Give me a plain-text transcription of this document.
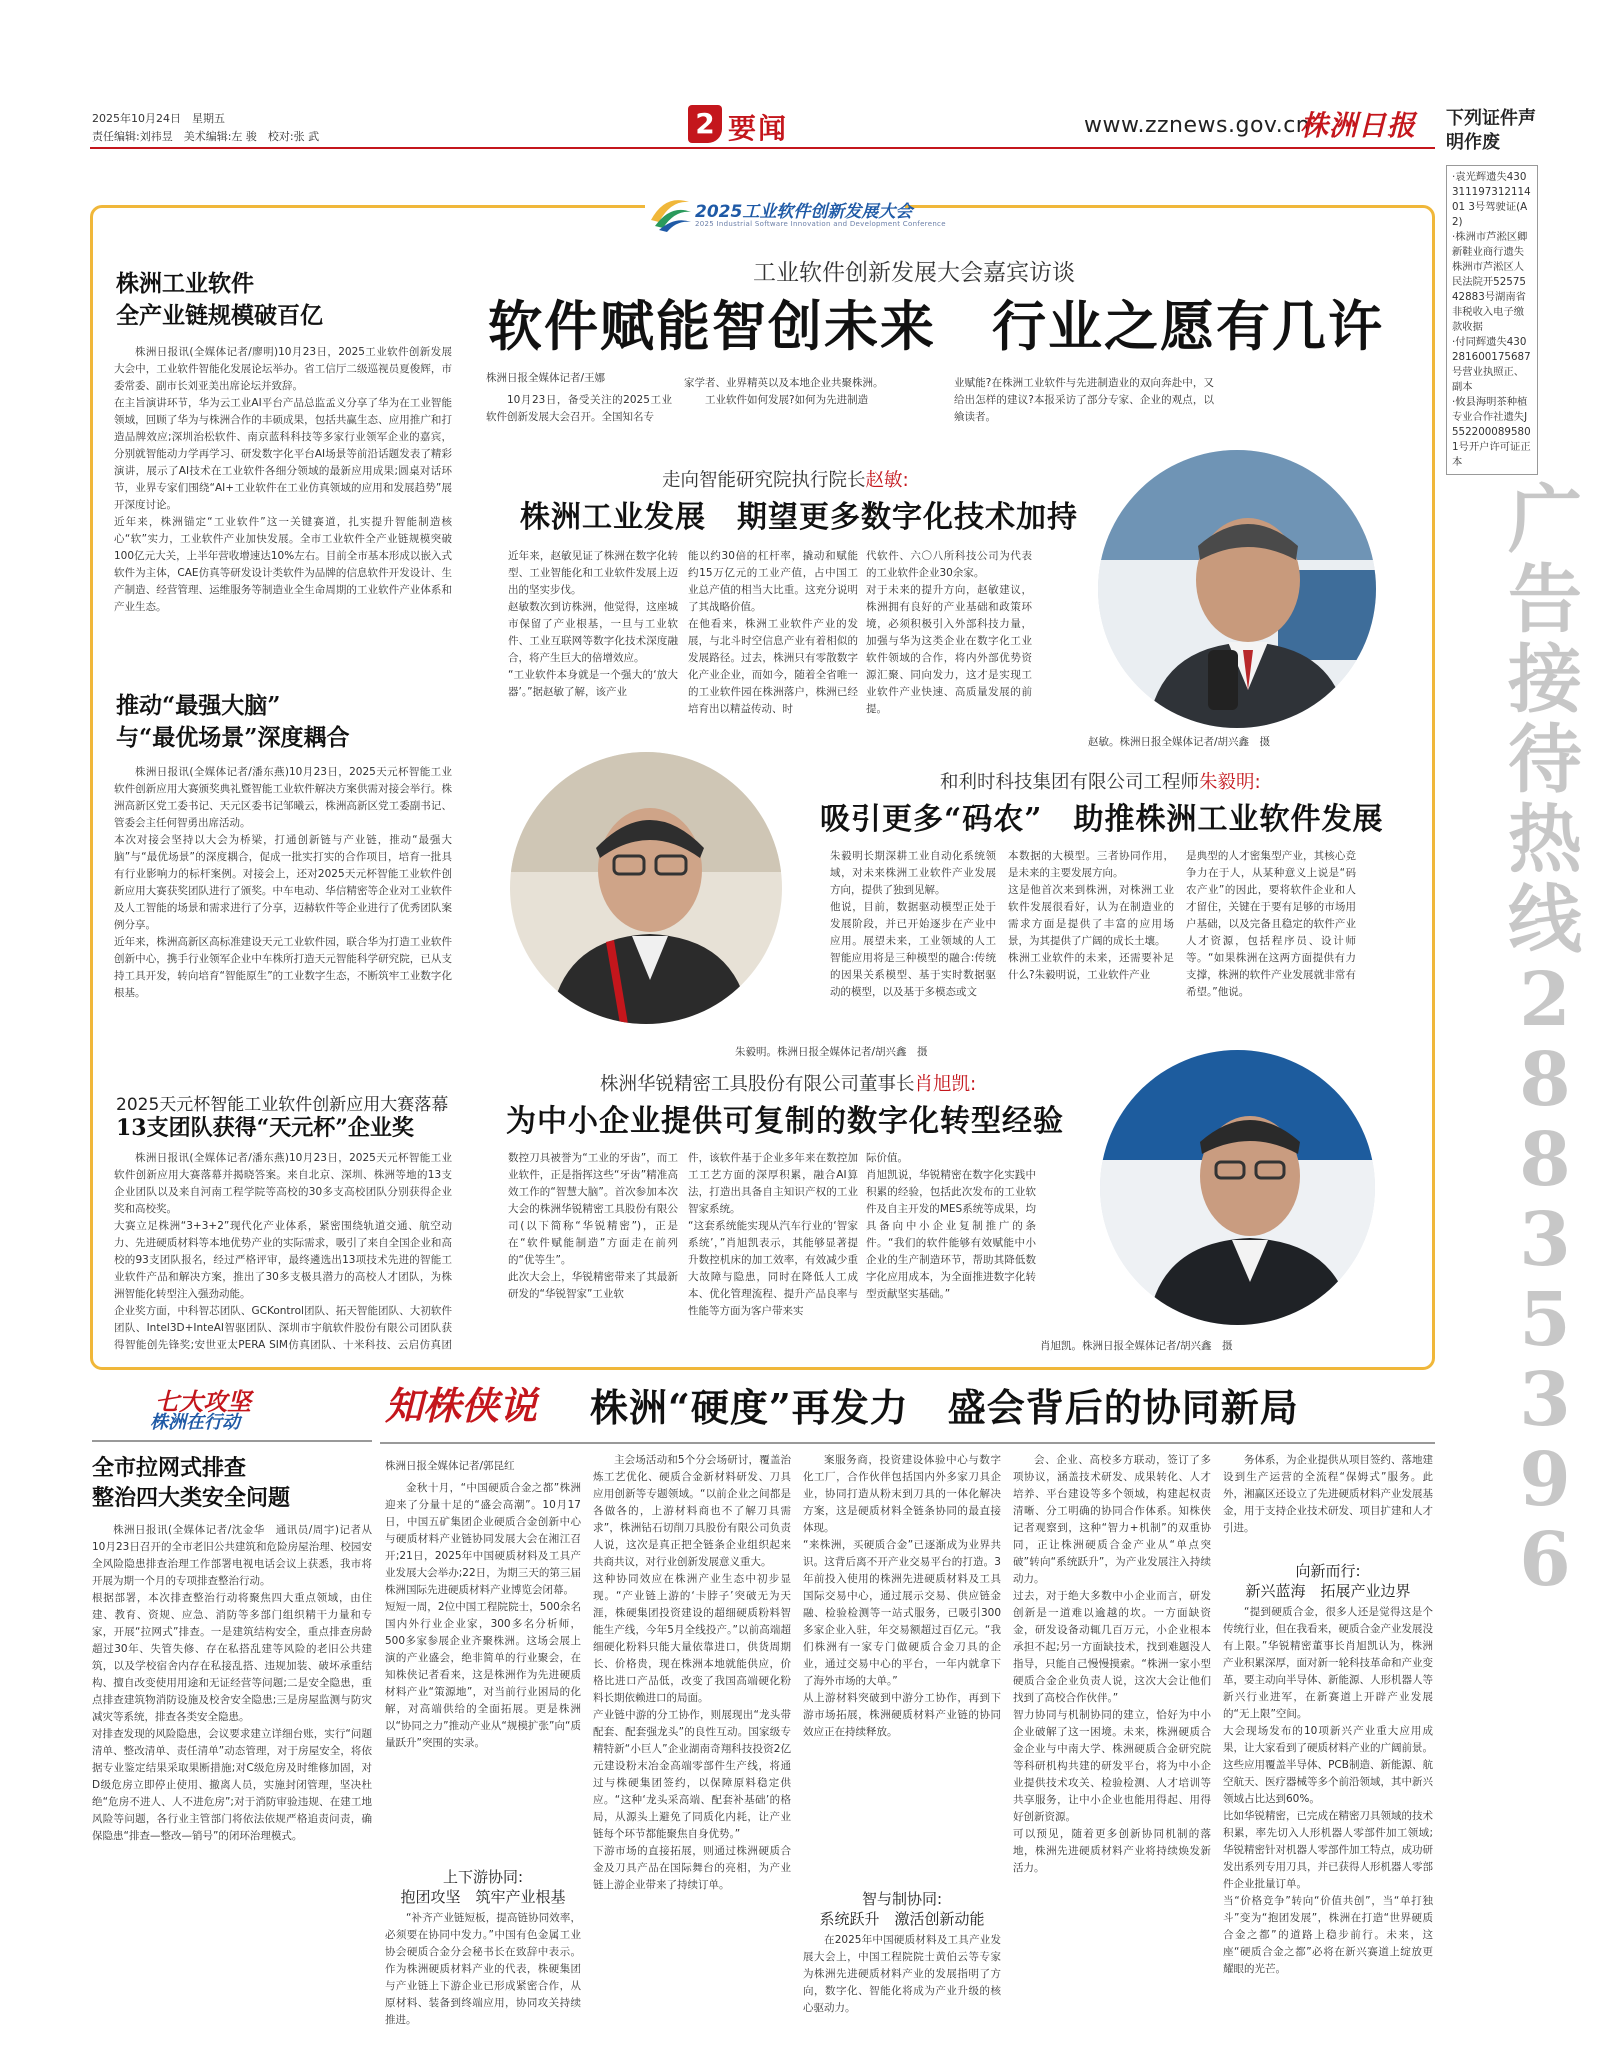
2025年10月24日　星期五
责任编辑:刘祎昱　美术编辑:左 骏　校对:张 武	2 要闻	www.zznews.gov.cn
株洲日报 下列证件声明作废
·袁光辉遗失43031119731211401 3号驾驶证(A2)
·株洲市芦淞区卿新鞋业商行遗失株洲市芦淞区人民法院开5257542883号湖南省非税收入电子缴款收据
·付同辉遗失430281600175687号营业执照正、副本
·攸县海明茶种植专业合作社遗失J5522000895801号开户许可证正本
广
告
接
待
热
线
2
8
8
3
5
3
9
6
2025工业软件创新发展大会
2025 Industrial Software Innovation and Development Conference
工业软件创新发展大会嘉宾访谈
软件赋能智创未来　行业之愿有几许
株洲日报全媒体记者/王娜

10月23日，备受关注的2025工业软件创新发展大会召开。全国知名专

家学者、业界精英以及本地企业共聚株洲。
　　工业软件如何发展?如何为先进制造
业赋能?在株洲工业软件与先进制造业的双向奔赴中，又给出怎样的建议?本报采访了部分专家、企业的观点，以飨读者。
株洲工业软件
全产业链规模破百亿
株洲日报讯(全媒体记者/廖明)10月23日，2025工业软件创新发展大会中，工业软件智能化发展论坛举办。省工信厅二级巡视员夏俊辉，市委常委、副市长刘亚美出席论坛并致辞。
在主旨演讲环节，华为云工业AI平台产品总监孟义分享了华为在工业智能领域，回顾了华为与株洲合作的丰硕成果，包括共赢生态、应用推广和打造品牌效应;深圳治松软件、南京蓝科科技等多家行业领军企业的嘉宾，分别就智能动力学再学习、研发数字化平台AI场景等前沿话题发表了精彩演讲，展示了AI技术在工业软件各细分领域的最新应用成果;圆桌对话环节，业界专家们围绕“AI+工业软件在工业仿真领域的应用和发展趋势”展开深度讨论。
近年来，株洲锚定“工业软件”这一关键赛道，扎实提升智能制造核心“软”实力，工业软件产业加快发展。全市工业软件全产业链规模突破100亿元大关，上半年营收增速达10%左右。目前全市基本形成以嵌入式软件为主体，CAE仿真等研发设计类软件为品牌的信息软件开发设计、生产制造、经营管理、运维服务等制造业全生命周期的工业软件产业体系和产业生态。
推动“最强大脑”
与“最优场景”深度耦合
株洲日报讯(全媒体记者/潘东燕)10月23日，2025天元杯智能工业软件创新应用大赛颁奖典礼暨智能工业软件解决方案供需对接会举行。株洲高新区党工委书记、天元区委书记邹曦云，株洲高新区党工委副书记、管委会主任何智勇出席活动。
本次对接会坚持以大会为桥梁，打通创新链与产业链，推动“最强大脑”与“最优场景”的深度耦合，促成一批实打实的合作项目，培育一批具有行业影响力的标杆案例。对接会上，还对2025天元杯智能工业软件创新应用大赛获奖团队进行了颁奖。中车电动、华信精密等企业对工业软件及人工智能的场景和需求进行了分享，迈赫软件等企业进行了优秀团队案例分享。
近年来，株洲高新区高标准建设天元工业软件园，联合华为打造工业软件创新中心，携手行业领军企业中车株所打造天元智能科学研究院，已从支持工具开发，转向培育“智能原生”的工业数字生态，不断筑牢工业数字化根基。
2025天元杯智能工业软件创新应用大赛落幕
13支团队获得“天元杯”企业奖
株洲日报讯(全媒体记者/潘东燕)10月23日，2025天元杯智能工业软件创新应用大赛落幕并揭晓答案。来自北京、深圳、株洲等地的13支企业团队以及来自河南工程学院等高校的30多支高校团队分别获得企业奖和高校奖。
大赛立足株洲“3+3+2”现代化产业体系，紧密围绕轨道交通、航空动力、先进硬质材料等本地优势产业的实际需求，吸引了来自全国企业和高校的93支团队报名，经过严格评审，最终遴选出13项技术先进的智能工业软件产品和解决方案，推出了30多支极具潜力的高校人才团队，为株洲智能化转型注入强劲动能。
企业奖方面，中科智芯团队、GCKontrol团队、拓天智能团队、大初软件团队、Intel3D+InteAI智驱团队、深圳市宇航软件股份有限公司团队获得智能创先锋奖;安世亚太PERA SIM仿真团队、十米科技、云启仿真团

走向智能研究院执行院长赵敏:
株洲工业发展　期望更多数字化技术加持
近年来，赵敏见证了株洲在数字化转型、工业智能化和工业软件发展上迈出的坚实步伐。
赵敏数次到访株洲，他觉得，这座城市保留了产业根基，一旦与工业软件、工业互联网等数字化技术深度融合，将产生巨大的倍增效应。
“工业软件本身就是一个强大的‘放大器’。”据赵敏了解，该产业
能以约30倍的杠杆率，撬动和赋能约15万亿元的工业产值，占中国工业总产值的相当大比重。这充分说明了其战略价值。
在他看来，株洲工业软件产业的发展，与北斗时空信息产业有着相似的发展路径。过去，株洲只有零散数字化产业企业，而如今，随着全省唯一的工业软件园在株洲落户，株洲已经培育出以精益传动、时
代软件、六〇八所科技公司为代表的工业软件企业30余家。
对于未来的提升方向，赵敏建议，株洲拥有良好的产业基础和政策环境，必须积极引入外部科技力量，加强与华为这类企业在数字化工业软件领域的合作，将内外部优势资源汇聚、同向发力，这才是实现工业软件产业快速、高质量发展的前提。
赵敏。株洲日报全媒体记者/胡兴鑫　摄
朱毅明。株洲日报全媒体记者/胡兴鑫　摄
和利时科技集团有限公司工程师朱毅明:
吸引更多“码农”　助推株洲工业软件发展
朱毅明长期深耕工业自动化系统领域，对未来株洲工业软件产业发展方向，提供了独到见解。
他说，目前，数据驱动模型正处于发展阶段，并已开始逐步在产业中应用。展望未来，工业领域的人工智能应用将是三种模型的融合:传统的因果关系模型、基于实时数据驱动的模型，以及基于多模态或文
本数据的大模型。三者协同作用，是未来的主要发展方向。
这是他首次来到株洲，对株洲工业软件发展很看好，认为在制造业的需求方面是提供了丰富的应用场景，为其提供了广阔的成长土壤。
株洲工业软件的未来，还需要补足什么?朱毅明说，工业软件产业
是典型的人才密集型产业，其核心竞争力在于人，从某种意义上说是“码农产业”的因此，要将软件企业和人才留住，关键在于要有足够的市场用户基础，以及完备且稳定的软件产业人才资源，包括程序员、设计师等。“如果株洲在这两方面提供有力支撑，株洲的软件产业发展就非常有希望。”他说。
株洲华锐精密工具股份有限公司董事长肖旭凯:
为中小企业提供可复制的数字化转型经验
数控刀具被誉为“工业的牙齿”，而工业软件，正是指挥这些“牙齿”精准高效工作的“智慧大脑”。首次参加本次大会的株洲华锐精密工具股份有限公司(以下简称“华锐精密”)，正是在“软件赋能制造”方面走在前列的“优等生”。
此次大会上，华锐精密带来了其最新研发的“华锐智家”工业软
件，该软件基于企业多年来在数控加工工艺方面的深厚积累，融合AI算法，打造出具备自主知识产权的工业智家系统。
“这套系统能实现从汽车行业的‘智家系统’，”肖旭凯表示，其能够显著提升数控机床的加工效率，有效减少重大故障与隐患，同时在降低人工成本、优化管理流程、提升产品良率与性能等方面为客户带来实
际价值。
肖旭凯说，华锐精密在数字化实践中积累的经验，包括此次发布的工业软件及自主开发的MES系统等成果，均具备向中小企业复制推广的条件。“我们的软件能够有效赋能中小企业的生产制造环节，帮助其降低数字化应用成本，为全面推进数字化转型贡献坚实基础。”
肖旭凯。株洲日报全媒体记者/胡兴鑫　摄
七大攻坚
株洲在行动
全市拉网式排查
整治四大类安全问题
株洲日报讯(全媒体记者/沈金华　通讯员/周宇)记者从10月23日召开的全市老旧公共建筑和危险房屋治理、校园安全风险隐患排查治理工作部署电视电话会议上获悉，我市将开展为期一个月的专项排查整治行动。
根据部署，本次排查整治行动将聚焦四大重点领域，由住建、教育、资规、应急、消防等多部门组织精干力量和专家，开展“拉网式”排查。一是建筑结构安全，重点排查房龄超过30年、失管失修、存在私搭乱建等风险的老旧公共建筑，以及学校宿舍内存在私接乱搭、违规加装、破坏承重结构、擅自改变使用用途和无证经营等问题;二是安全隐患，重点排查建筑物消防设施及校舍安全隐患;三是房屋监测与防灾减灾等系统，排查各类安全隐患。
对排查发现的风险隐患，会议要求建立详细台账，实行“问题清单、整改清单、责任清单”动态管理，对于房屋安全，将依据专业鉴定结果采取果断措施;对C级危房及时维修加固，对D级危房立即停止使用、撤离人员，实施封闭管理，坚决杜绝“危房不进人、人不进危房”;对于消防审验违规、在建工地风险等问题，各行业主管部门将依法依规严格追责问责，确保隐患“排查—整改—销号”的闭环治理模式。
知株侠说 株洲“硬度”再发力　盛会背后的协同新局
株洲日报全媒体记者/郭昆红
金秋十月，“中国硬质合金之都”株洲迎来了分量十足的“盛会高潮”。10月17日，中国五矿集团企业硬质合金创新中心与硬质材料产业链协同发展大会在湘江召开;21日，2025年中国硬质材料及工具产业发展大会举办;22日，为期三天的第三届株洲国际先进硬质材料产业博览会闭幕。
短短一周，2位中国工程院院士，500余名国内外行业企业家，300多名分析师，500多家参展企业齐聚株洲。这场会展上演的产业盛会，绝非简单的行业聚会，在知株侠记者看来，这是株洲作为先进硬质材料产业“策源地”，对当前行业困局的化解，对高端供给的全面拓展。更是株洲以“协同之力”推动产业从“规模扩张”向“质量跃升”突围的实录。
上下游协同:
抱团攻坚　筑牢产业根基
“补齐产业链短板，提高链协同效率，必须要在协同中发力。”中国有色金属工业协会硬质合金分会秘书长在致辞中表示。作为株洲硬质材料产业的代表，株硬集团与产业链上下游企业已形成紧密合作，从原材料、装备到终端应用，协同攻关持续推进。
主会场活动和5个分会场研讨，覆盖治炼工艺优化、硬质合金新材料研发、刀具应用创新等专题领域。“以前企业之间都是各做各的，上游材料商也不了解刀具需求”，株洲钻石切削刀具股份有限公司负责人说，这次是真正把全链条企业组织起来共商共议，对行业创新发展意义重大。
这种协同效应在株洲产业生态中初步显现。“产业链上游的‘卡脖子’突破无为天涯，株硬集团投资建设的超细硬质粉料智能生产线，今年5月全线投产。”以前高端超细硬化粉料只能大量依靠进口，供货周期长、价格贵，现在株洲本地就能供应，价格比进口产品低，改变了我国高端硬化粉料长期依赖进口的局面。
产业链中游的分工协作，则展现出“龙头带配套、配套强龙头”的良性互动。国家级专精特新“小巨人”企业湖南奇翔科技投资2亿元建设粉末冶金高端零部件生产线，将通过与株硬集团签约，以保障原料稳定供应。“这种‘龙头采高端、配套补基础’的格局，从源头上避免了同质化内耗，让产业链每个环节都能聚焦自身优势。”
下游市场的直接拓展，则通过株洲硬质合金及刀具产品在国际舞台的亮相，为产业链上游企业带来了持续订单。
案服务商，投资建设体验中心与数字化工厂，合作伙伴包括国内外多家刀具企业，协同打造从粉末到刀具的一体化解决方案，这是硬质材料全链条协同的最直接体现。
“来株洲，买硬质合金”已逐渐成为业界共识。这背后离不开产业交易平台的打造。3年前投入使用的株洲先进硬质材料及工具国际交易中心，通过展示交易、供应链金融、检验检测等一站式服务，已吸引300多家企业入驻，年交易额超过百亿元。“我们株洲有一家专门做硬质合金刀具的企业，通过交易中心的平台，一年内就拿下了海外市场的大单。”
从上游材料突破到中游分工协作，再到下游市场拓展，株洲硬质材料产业链的协同效应正在持续释放。
智与制协同:
系统跃升　激活创新动能
在2025年中国硬质材料及工具产业发展大会上，中国工程院院士黄伯云等专家为株洲先进硬质材料产业的发展指明了方向，数字化、智能化将成为产业升级的核心驱动力。
会、企业、高校多方联动，签订了多项协议，涵盖技术研发、成果转化、人才培养、平台建设等多个领域，构建起权责清晰、分工明确的协同合作体系。知株侠记者观察到，这种“智力+机制”的双重协同，正让株洲硬质合金产业从“单点突破”转向“系统跃升”，为产业发展注入持续动力。
过去，对于绝大多数中小企业而言，研发创新是一道难以逾越的坎。一方面缺资金，研发设备动辄几百万元，小企业根本承担不起;另一方面缺技术，找到难题没人指导，只能自己慢慢摸索。“株洲一家小型硬质合金企业负责人说，这次大会让他们找到了高校合作伙伴。”
智力协同与机制协同的建立，恰好为中小企业破解了这一困境。未来，株洲硬质合金企业与中南大学、株洲硬质合金研究院等科研机构共建的研发平台，将为中小企业提供技术攻关、检验检测、人才培训等共享服务，让中小企业也能用得起、用得好创新资源。
可以预见，随着更多创新协同机制的落地，株洲先进硬质材料产业将持续焕发新活力。
务体系，为企业提供从项目签约、落地建设到生产运营的全流程“保姆式”服务。此外，湘赢区还设立了先进硬质材料产业发展基金，用于支持企业技术研发、项目扩建和人才引进。
向新而行:
新兴蓝海　拓展产业边界
“提到硬质合金，很多人还是觉得这是个传统行业，但在我看来，硬质合金产业发展没有上限。”华锐精密董事长肖旭凯认为，株洲产业积累深厚，面对新一轮科技革命和产业变革，要主动向半导体、新能源、人形机器人等新兴行业进军，在新赛道上开辟产业发展的“无上限”空间。
大会现场发布的10项新兴产业重大应用成果，让大家看到了硬质材料产业的广阔前景。这些应用覆盖半导体、PCB制造、新能源、航空航天、医疗器械等多个前沿领域，其中新兴领域占比达到60%。
比如华锐精密，已完成在精密刀具领域的技术积累，率先切入人形机器人零部件加工领域;华锐精密针对机器人零部件加工特点，成功研发出系列专用刀具，并已获得人形机器人零部件企业批量订单。
当“价格竞争”转向“价值共创”，当“单打独斗”变为“抱团发展”，株洲在打造“世界硬质合金之都”的道路上稳步前行。未来，这座“硬质合金之都”必将在新兴赛道上绽放更耀眼的光芒。
